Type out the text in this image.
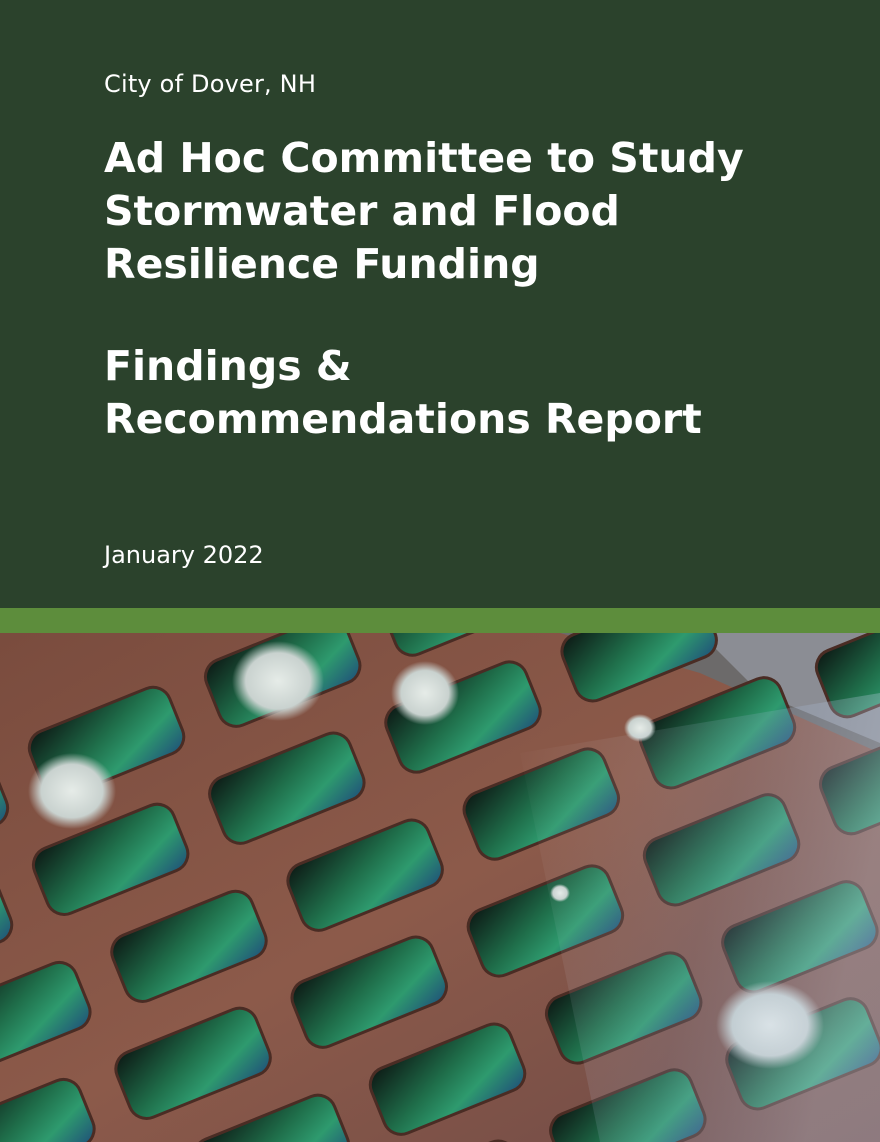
City of Dover, NH
Ad Hoc Committee to Study
Stormwater and Flood
Resilience Funding
Findings &
Recommendations Report
January 2022
